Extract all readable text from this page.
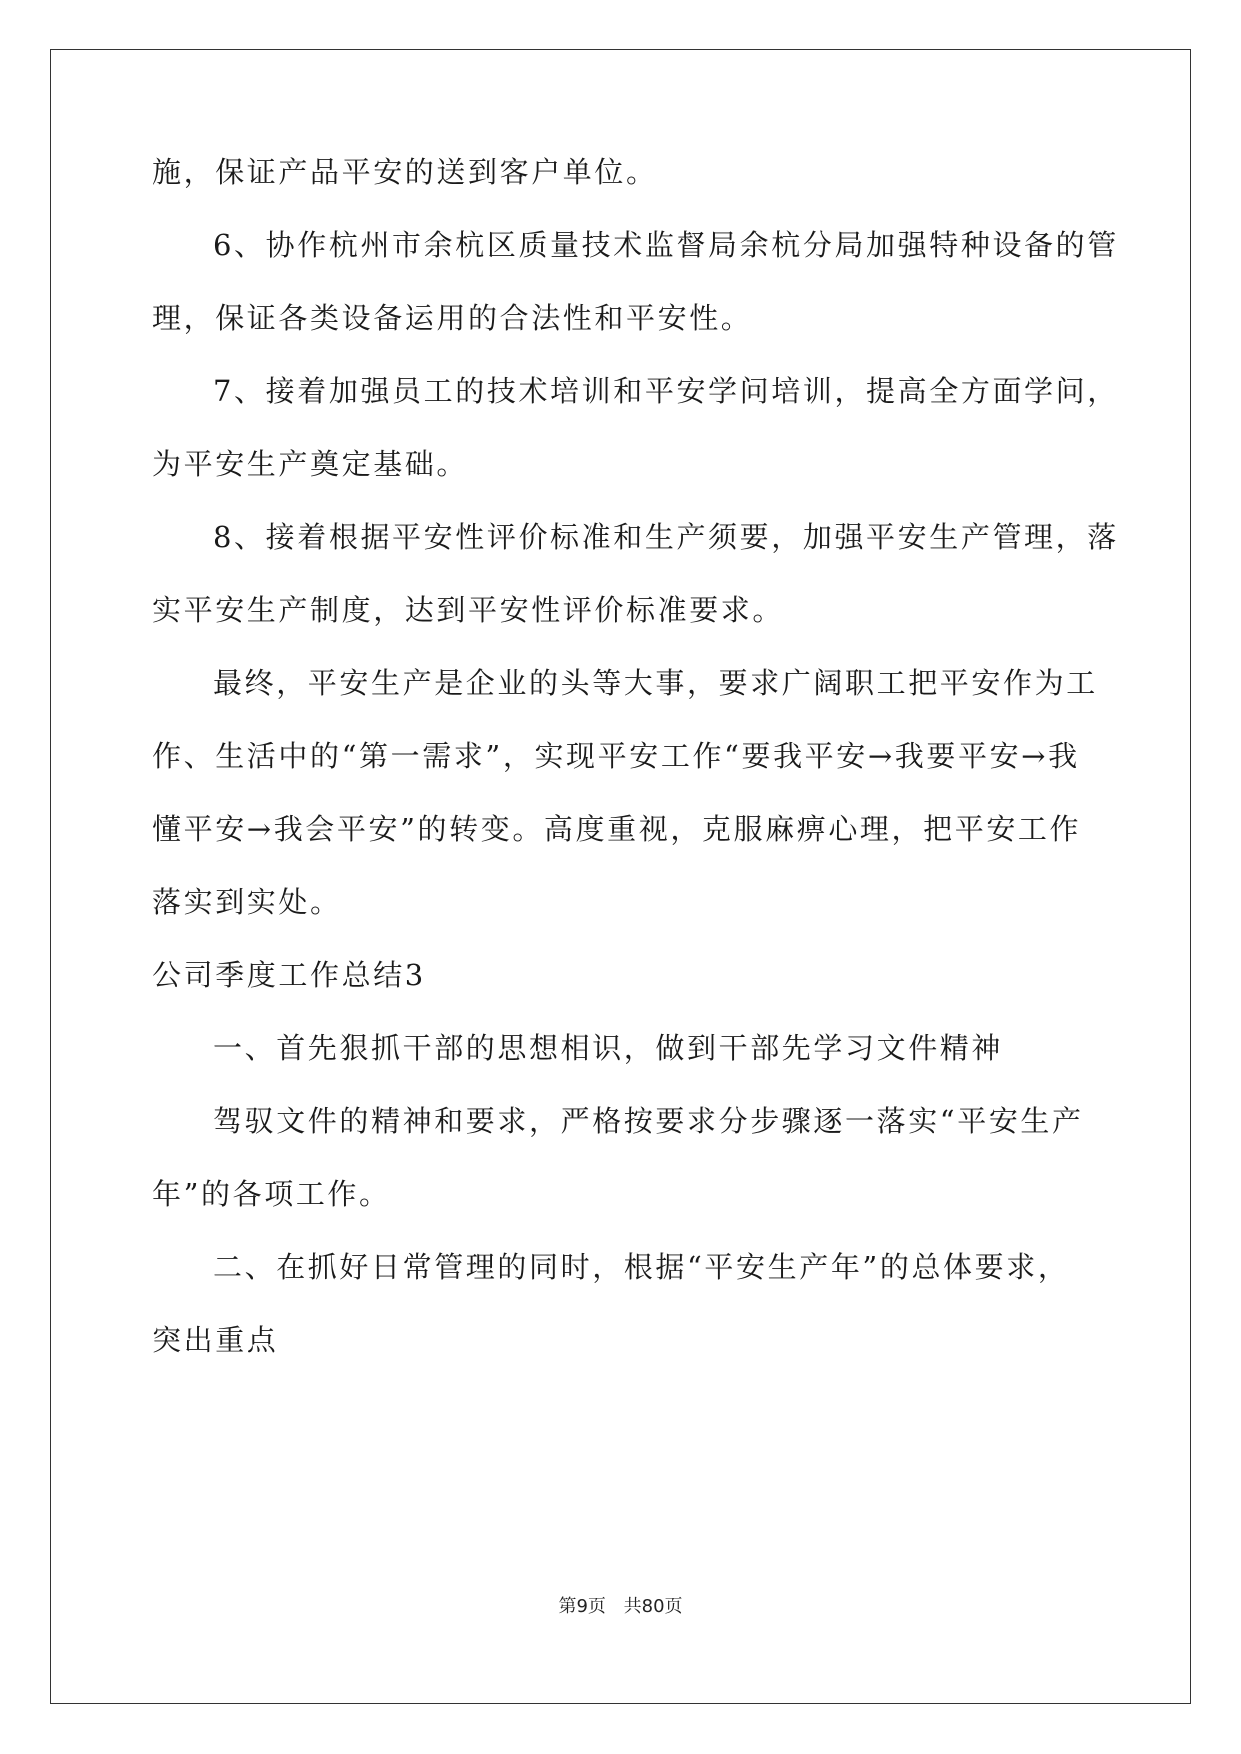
施，保证产品平安的送到客户单位。
6、协作杭州市余杭区质量技术监督局余杭分局加强特种设备的管
理，保证各类设备运用的合法性和平安性。
7、接着加强员工的技术培训和平安学问培训，提高全方面学问，
为平安生产奠定基础。
8、接着根据平安性评价标准和生产须要，加强平安生产管理，落
实平安生产制度，达到平安性评价标准要求。
最终，平安生产是企业的头等大事，要求广阔职工把平安作为工
作、生活中的“第一需求”，实现平安工作“要我平安→我要平安→我
懂平安→我会平安”的转变。高度重视，克服麻痹心理，把平安工作
落实到实处。
公司季度工作总结3
一、首先狠抓干部的思想相识，做到干部先学习文件精神
驾驭文件的精神和要求，严格按要求分步骤逐一落实“平安生产
年”的各项工作。
二、在抓好日常管理的同时，根据“平安生产年”的总体要求，
突出重点
第9页 共80页
